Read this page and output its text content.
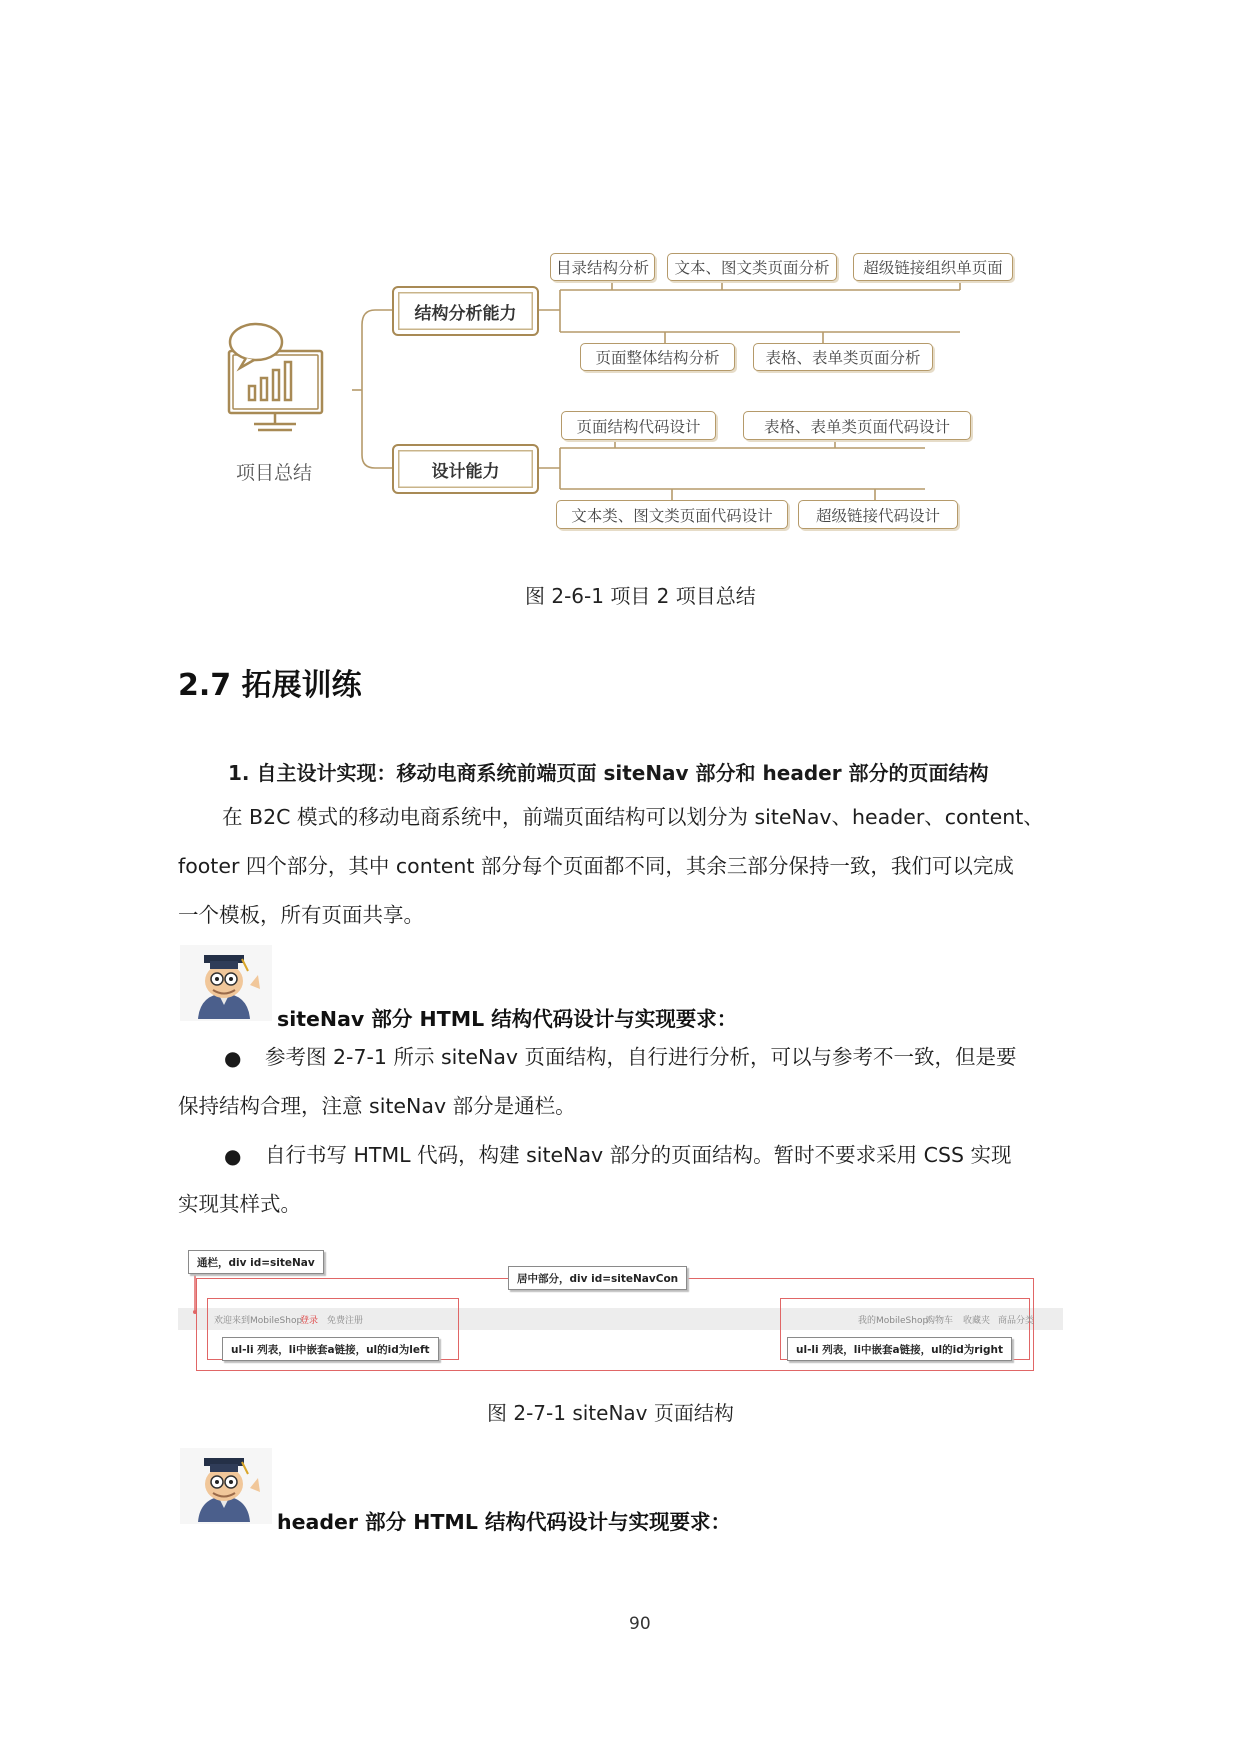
项目总结
结构分析能力
设计能力
目录结构分析	文本、图文类页面分析	超级链接组织单页面
页面整体结构分析	表格、表单类页面分析
页面结构代码设计	表格、表单类页面代码设计
文本类、图文类页面代码设计	超级链接代码设计
图 2-6-1 项目 2 项目总结
2.7 拓展训练
1. 自主设计实现：移动电商系统前端页面 siteNav 部分和 header 部分的页面结构
在 B2C 模式的移动电商系统中，前端页面结构可以划分为 siteNav、header、content、
footer 四个部分，其中 content 部分每个页面都不同，其余三部分保持一致，我们可以完成
一个模板，所有页面共享。
siteNav 部分 HTML 结构代码设计与实现要求：
● 参考图 2-7-1 所示 siteNav 页面结构，自行进行分析，可以与参考不一致，但是要
保持结构合理，注意 siteNav 部分是通栏。
● 自行书写 HTML 代码，构建 siteNav 部分的页面结构。暂时不要求采用 CSS 实现
实现其样式。
欢迎来到MobileShop
登录 免费注册	我的MobileShop
购物车 收藏夹 商品分类
通栏，div id=siteNav
居中部分，div id=siteNavCon
ul-li 列表，li中嵌套a链接，ul的id为left	ul-li 列表，li中嵌套a链接，ul的id为right
图 2-7-1 siteNav 页面结构
header 部分 HTML 结构代码设计与实现要求：
90
